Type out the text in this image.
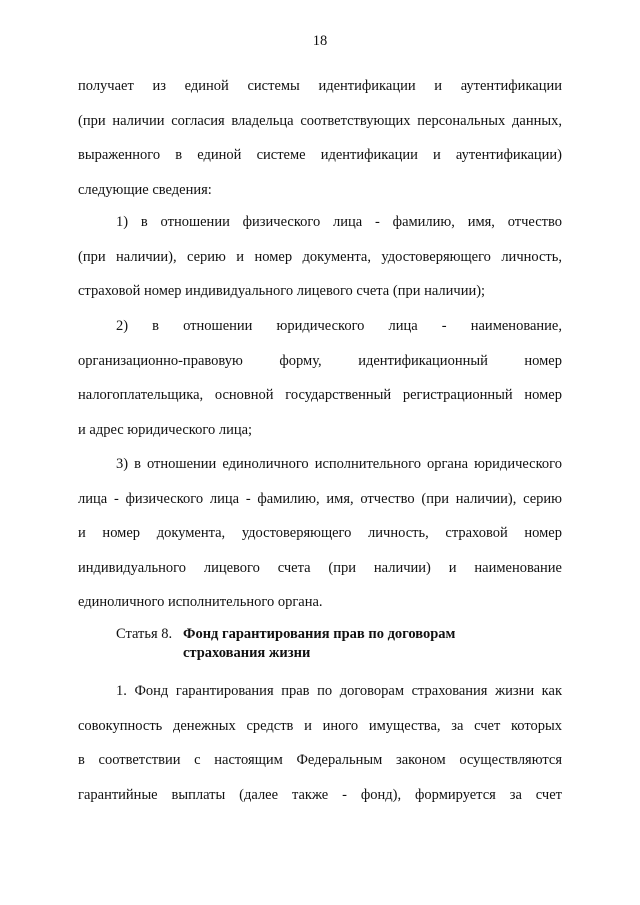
18
получает из единой системы идентификации и аутентификации
(при наличии согласия владельца соответствующих персональных данных,
выраженного в единой системе идентификации и аутентификации)
следующие сведения:
1) в отношении физического лица - фамилию, имя, отчество
(при наличии), серию и номер документа, удостоверяющего личность,
страховой номер индивидуального лицевого счета (при наличии);
2) в отношении юридического лица - наименование,
организационно-правовую форму, идентификационный номер
налогоплательщика, основной государственный регистрационный номер
и адрес юридического лица;
3) в отношении единоличного исполнительного органа юридического
лица - физического лица - фамилию, имя, отчество (при наличии), серию
и номер документа, удостоверяющего личность, страховой номер
индивидуального лицевого счета (при наличии) и наименование
единоличного исполнительного органа.
Статья 8. Фонд гарантирования прав по договорам
страхования жизни
1. Фонд гарантирования прав по договорам страхования жизни как
совокупность денежных средств и иного имущества, за счет которых
в соответствии с настоящим Федеральным законом осуществляются
гарантийные выплаты (далее также - фонд), формируется за счет
